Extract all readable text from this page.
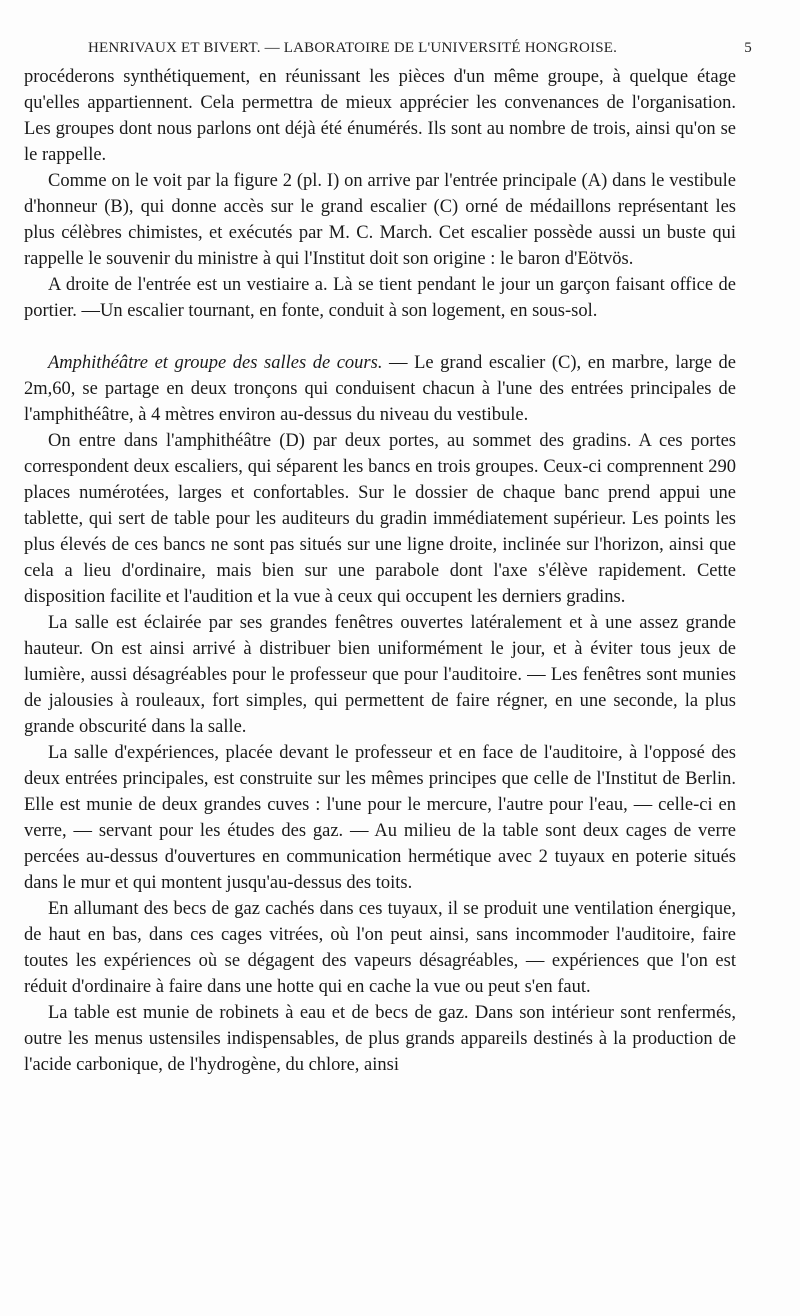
HENRIVAUX ET BIVERT. — LABORATOIRE DE L'UNIVERSITÉ HONGROISE.	5

procéderons synthétiquement, en réunissant les pièces d'un même groupe, à quelque étage qu'elles appartiennent. Cela permettra de mieux apprécier les convenances de l'organisation. Les groupes dont nous parlons ont déjà été énumérés. Ils sont au nombre de trois, ainsi qu'on se le rappelle.

Comme on le voit par la figure 2 (pl. I) on arrive par l'entrée principale (A) dans le vestibule d'honneur (B), qui donne accès sur le grand escalier (C) orné de médaillons représentant les plus célèbres chimistes, et exécutés par M. C. March. Cet escalier possède aussi un buste qui rappelle le souvenir du ministre à qui l'Institut doit son origine : le baron d'Eötvös.

A droite de l'entrée est un vestiaire a. Là se tient pendant le jour un garçon faisant office de portier. —Un escalier tournant, en fonte, conduit à son logement, en sous-sol.

Amphithéâtre et groupe des salles de cours. — Le grand escalier (C), en marbre, large de 2m,60, se partage en deux tronçons qui conduisent chacun à l'une des entrées principales de l'amphithéâtre, à 4 mètres environ au-dessus du niveau du vestibule.

On entre dans l'amphithéâtre (D) par deux portes, au sommet des gradins. A ces portes correspondent deux escaliers, qui séparent les bancs en trois groupes. Ceux-ci comprennent 290 places numérotées, larges et confortables. Sur le dossier de chaque banc prend appui une tablette, qui sert de table pour les auditeurs du gradin immédiatement supérieur. Les points les plus élevés de ces bancs ne sont pas situés sur une ligne droite, inclinée sur l'horizon, ainsi que cela a lieu d'ordinaire, mais bien sur une parabole dont l'axe s'élève rapidement. Cette disposition facilite et l'audition et la vue à ceux qui occupent les derniers gradins.

La salle est éclairée par ses grandes fenêtres ouvertes latéralement et à une assez grande hauteur. On est ainsi arrivé à distribuer bien uniformément le jour, et à éviter tous jeux de lumière, aussi désagréables pour le professeur que pour l'auditoire. — Les fenêtres sont munies de jalousies à rouleaux, fort simples, qui permettent de faire régner, en une seconde, la plus grande obscurité dans la salle.

La salle d'expériences, placée devant le professeur et en face de l'auditoire, à l'opposé des deux entrées principales, est construite sur les mêmes principes que celle de l'Institut de Berlin. Elle est munie de deux grandes cuves : l'une pour le mercure, l'autre pour l'eau, — celle-ci en verre, — servant pour les études des gaz. — Au milieu de la table sont deux cages de verre percées au-dessus d'ouvertures en communication hermétique avec 2 tuyaux en poterie situés dans le mur et qui montent jusqu'au-dessus des toits.

En allumant des becs de gaz cachés dans ces tuyaux, il se produit une ventilation énergique, de haut en bas, dans ces cages vitrées, où l'on peut ainsi, sans incommoder l'auditoire, faire toutes les expériences où se dégagent des vapeurs désagréables, — expériences que l'on est réduit d'ordinaire à faire dans une hotte qui en cache la vue ou peut s'en faut.

La table est munie de robinets à eau et de becs de gaz. Dans son intérieur sont renfermés, outre les menus ustensiles indispensables, de plus grands appareils destinés à la production de l'acide carbonique, de l'hydrogène, du chlore, ainsi
